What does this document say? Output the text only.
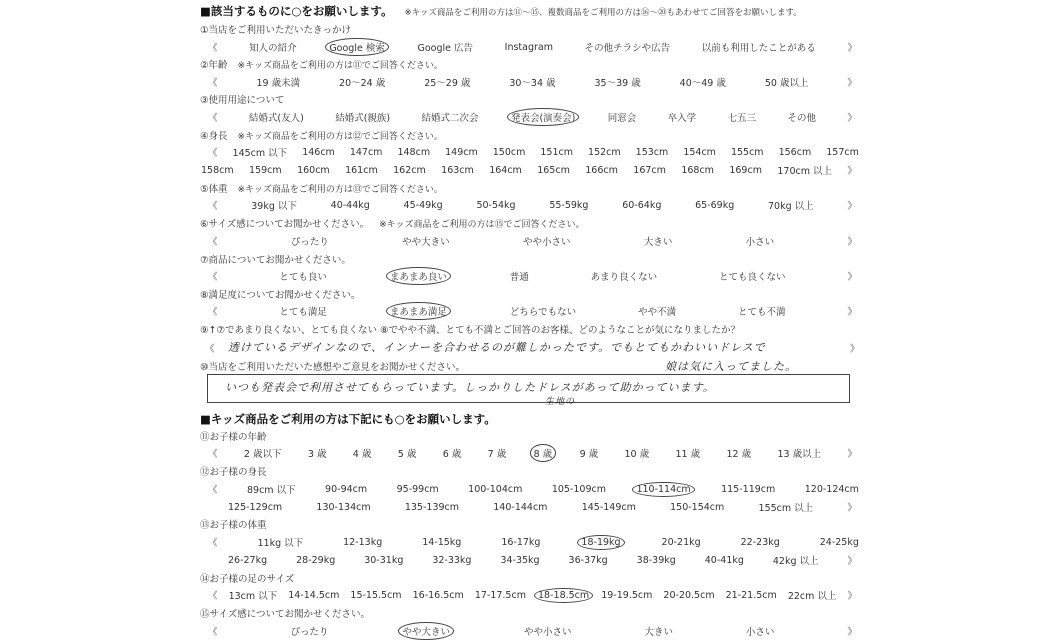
■該当するものに○をお願いします。 ※キッズ商品をご利用の方は⑪〜⑮、複数商品をご利用の方は⑯〜⑳もあわせてご回答をお願いします。
①当店をご利用いただいたきっかけ
《	知人の紹介	Google 検索	Google 広告	Instagram	その他チラシや広告	以前も利用したことがある	》
②年齢 ※キッズ商品をご利用の方は⑪でご回答ください。
《	19 歳未満	20〜24 歳	25〜29 歳	30〜34 歳	35〜39 歳	40〜49 歳	50 歳以上	》
③使用用途について
《	結婚式(友人)	結婚式(親族)	結婚式二次会	発表会(演奏会)	同窓会	卒入学	七五三	その他	》
④身長 ※キッズ商品をご利用の方は⑫でご回答ください。
《	145cm 以下	146cm	147cm	148cm	149cm	150cm	151cm	152cm	153cm	154cm	155cm	156cm	157cm
158cm	159cm	160cm	161cm	162cm	163cm	164cm	165cm	166cm	167cm	168cm	169cm	170cm 以上	》
⑤体重 ※キッズ商品をご利用の方は⑬でご回答ください。
《	39kg 以下	40-44kg	45-49kg	50-54kg	55-59kg	60-64kg	65-69kg	70kg 以上	》
⑥サイズ感についてお聞かせください。 ※キッズ商品をご利用の方は⑮でご回答ください。
《	ぴったり	やや大きい	やや小さい	大きい	小さい	》
⑦商品についてお聞かせください。
《	とても良い	まあまあ良い	普通	あまり良くない	とても良くない	》
⑧満足度についてお聞かせください。
《	とても満足	まあまあ満足	どちらでもない	やや不満	とても不満	》
⑨↑⑦であまり良くない、とても良くない ⑧でやや不満、とても不満とご回答のお客様、どのようなことが気になりましたか？
⑩当店をご利用いただいた感想やご意見をお聞かせください。
⑪お子様の年齢
《	2 歳以下	3 歳	4 歳	5 歳	6 歳	7 歳	8 歳	9 歳	10 歳	11 歳	12 歳	13 歳以上	》
⑫お子様の身長
《	89cm 以下	90-94cm	95-99cm	100-104cm	105-109cm	110-114cm	115-119cm	120-124cm
125-129cm	130-134cm	135-139cm	140-144cm	145-149cm	150-154cm	155cm 以上	》
⑬お子様の体重
《	11kg 以下	12-13kg	14-15kg	16-17kg	18-19kg	20-21kg	22-23kg	24-25kg
26-27kg	28-29kg	30-31kg	32-33kg	34-35kg	36-37kg	38-39kg	40-41kg	42kg 以上	》
⑭お子様の足のサイズ
《	13cm 以下	14-14.5cm	15-15.5cm	16-16.5cm	17-17.5cm	18-18.5cm	19-19.5cm	20-20.5cm	21-21.5cm	22cm 以上	》
⑮サイズ感についてお聞かせください。
《	ぴったり	やや大きい	やや小さい	大きい	小さい	》
透けているデザインなので、インナーを合わせるのが難しかったです。でもとてもかわいいドレスで	》
《
娘は気に入ってました。
いつも発表会で利用させてもらっています。しっかりしたドレスがあって助かっています。
生地の
■キッズ商品をご利用の方は下記にも○をお願いします。
